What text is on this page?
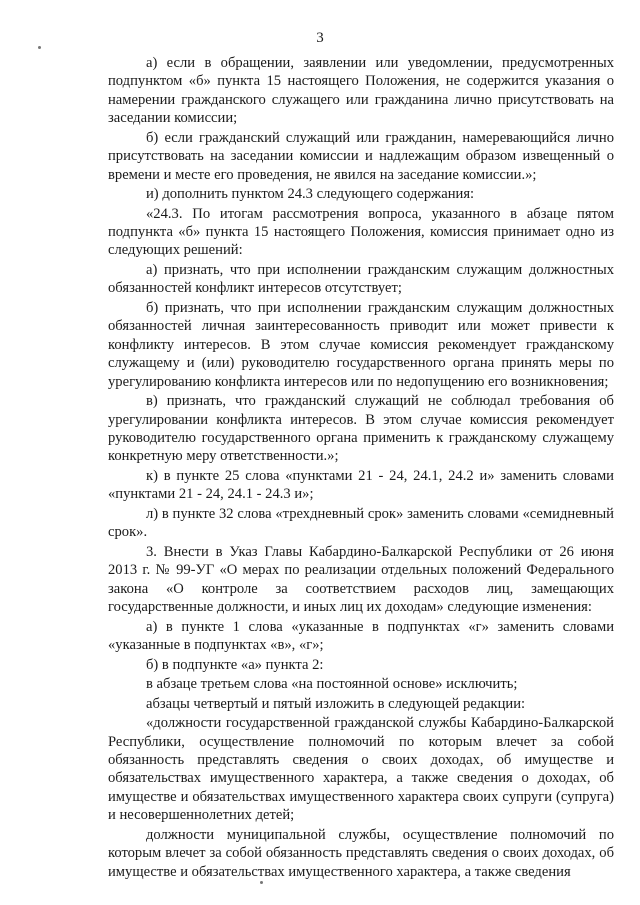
3

а) если в обращении, заявлении или уведомлении, предусмотренных подпунктом «б» пункта 15 настоящего Положения, не содержится указания о намерении гражданского служащего или гражданина лично присутствовать на заседании комиссии;

б) если гражданский служащий или гражданин, намеревающийся лично присутствовать на заседании комиссии и надлежащим образом извещенный о времени и месте его проведения, не явился на заседание комиссии.»;

и) дополнить пунктом 24.3 следующего содержания:

«24.3. По итогам рассмотрения вопроса, указанного в абзаце пятом подпункта «б» пункта 15 настоящего Положения, комиссия принимает одно из следующих решений:

а) признать, что при исполнении гражданским служащим должностных обязанностей конфликт интересов отсутствует;

б) признать, что при исполнении гражданским служащим должностных обязанностей личная заинтересованность приводит или может привести к конфликту интересов. В этом случае комиссия рекомендует гражданскому служащему и (или) руководителю государственного органа принять меры по урегулированию конфликта интересов или по недопущению его возникновения;

в) признать, что гражданский служащий не соблюдал требования об урегулировании конфликта интересов. В этом случае комиссия рекомендует руководителю государственного органа применить к гражданскому служащему конкретную меру ответственности.»;

к) в пункте 25 слова «пунктами 21 - 24, 24.1, 24.2 и» заменить словами «пунктами 21 - 24, 24.1 - 24.3 и»;

л) в пункте 32 слова «трехдневный срок» заменить словами «семидневный срок».

3. Внести в Указ Главы Кабардино-Балкарской Республики от 26 июня 2013 г. № 99-УГ «О мерах по реализации отдельных положений Федерального закона «О контроле за соответствием расходов лиц, замещающих государственные должности, и иных лиц их доходам» следующие изменения:

а) в пункте 1 слова «указанные в подпунктах «г» заменить словами «указанные в подпунктах «в», «г»;

б) в подпункте «а» пункта 2:

в абзаце третьем слова «на постоянной основе» исключить;

абзацы четвертый и пятый изложить в следующей редакции:

«должности государственной гражданской службы Кабардино-Балкарской Республики, осуществление полномочий по которым влечет за собой обязанность представлять сведения о своих доходах, об имуществе и обязательствах имущественного характера, а также сведения о доходах, об имуществе и обязательствах имущественного характера своих супруги (супруга) и несовершеннолетних детей;

должности муниципальной службы, осуществление полномочий по которым влечет за собой обязанность представлять сведения о своих доходах, об имуществе и обязательствах имущественного характера, а также сведения
